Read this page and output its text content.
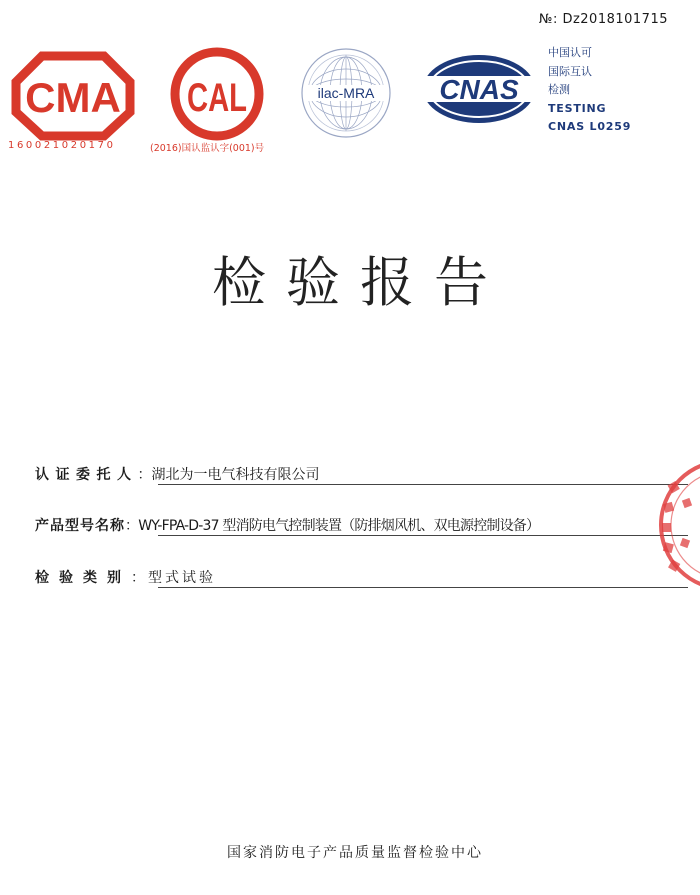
№: Dz2018101715
CMA
160021020170
CAL
(2016)国认监认字(001)号
ilac-MRA CNAS
中国认可
国际互认
检测
TESTING
CNAS L0259
检验报告
认证委托人：湖北为一电气科技有限公司
产品型号名称：WY-FPA-D-37 型消防电气控制装置（防排烟风机、双电源控制设备）
检验类别：型式试验
国家消防电子产品质量监督检验中心
